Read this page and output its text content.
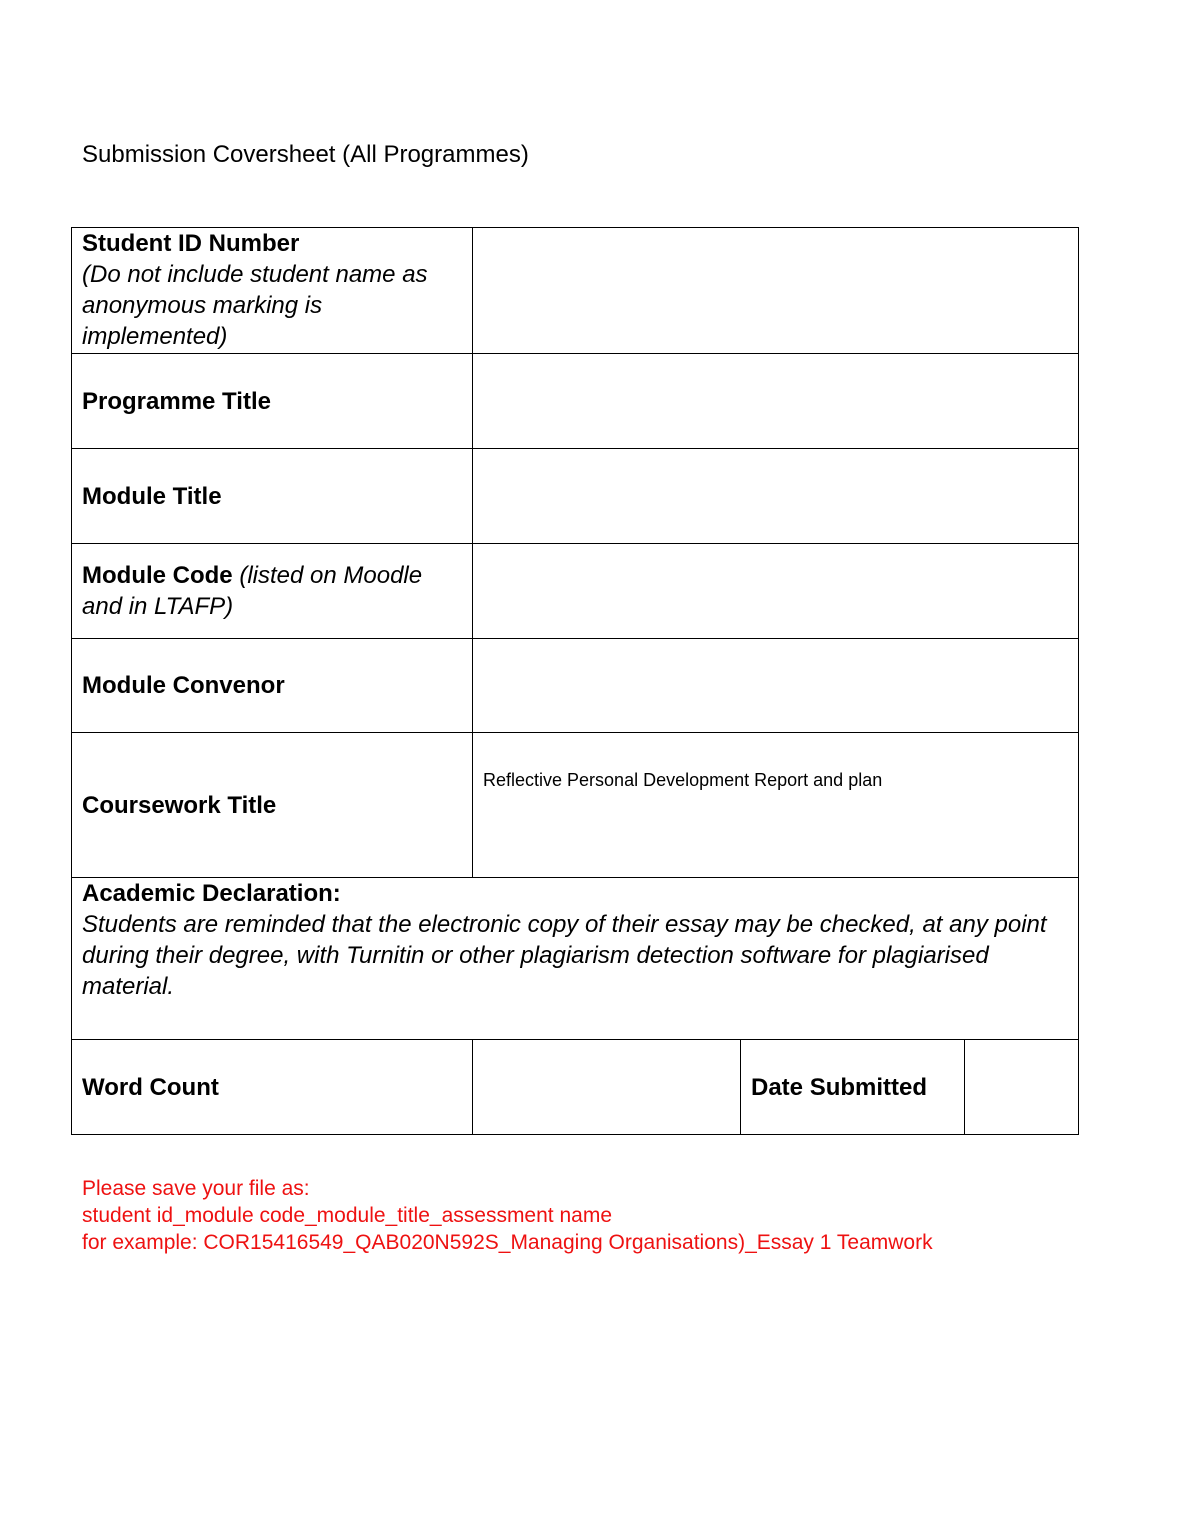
Submission Coversheet (All Programmes)
Student ID Number
(Do not include student name as anonymous marking is implemented)			
Programme Title			
Module Title			
Module Code (listed on Moodle and in LTAFP)			
Module Convenor			
Coursework Title	Reflective Personal Development Report and plan		
Academic Declaration:
Students are reminded that the electronic copy of their essay may be checked, at any point during their degree, with Turnitin or other plagiarism detection software for plagiarised material.			
Word Count		Date Submitted	
Please save your file as:
student id_module code_module_title_assessment name
for example: COR15416549_QAB020N592S_Managing Organisations)_Essay 1 Teamwork
